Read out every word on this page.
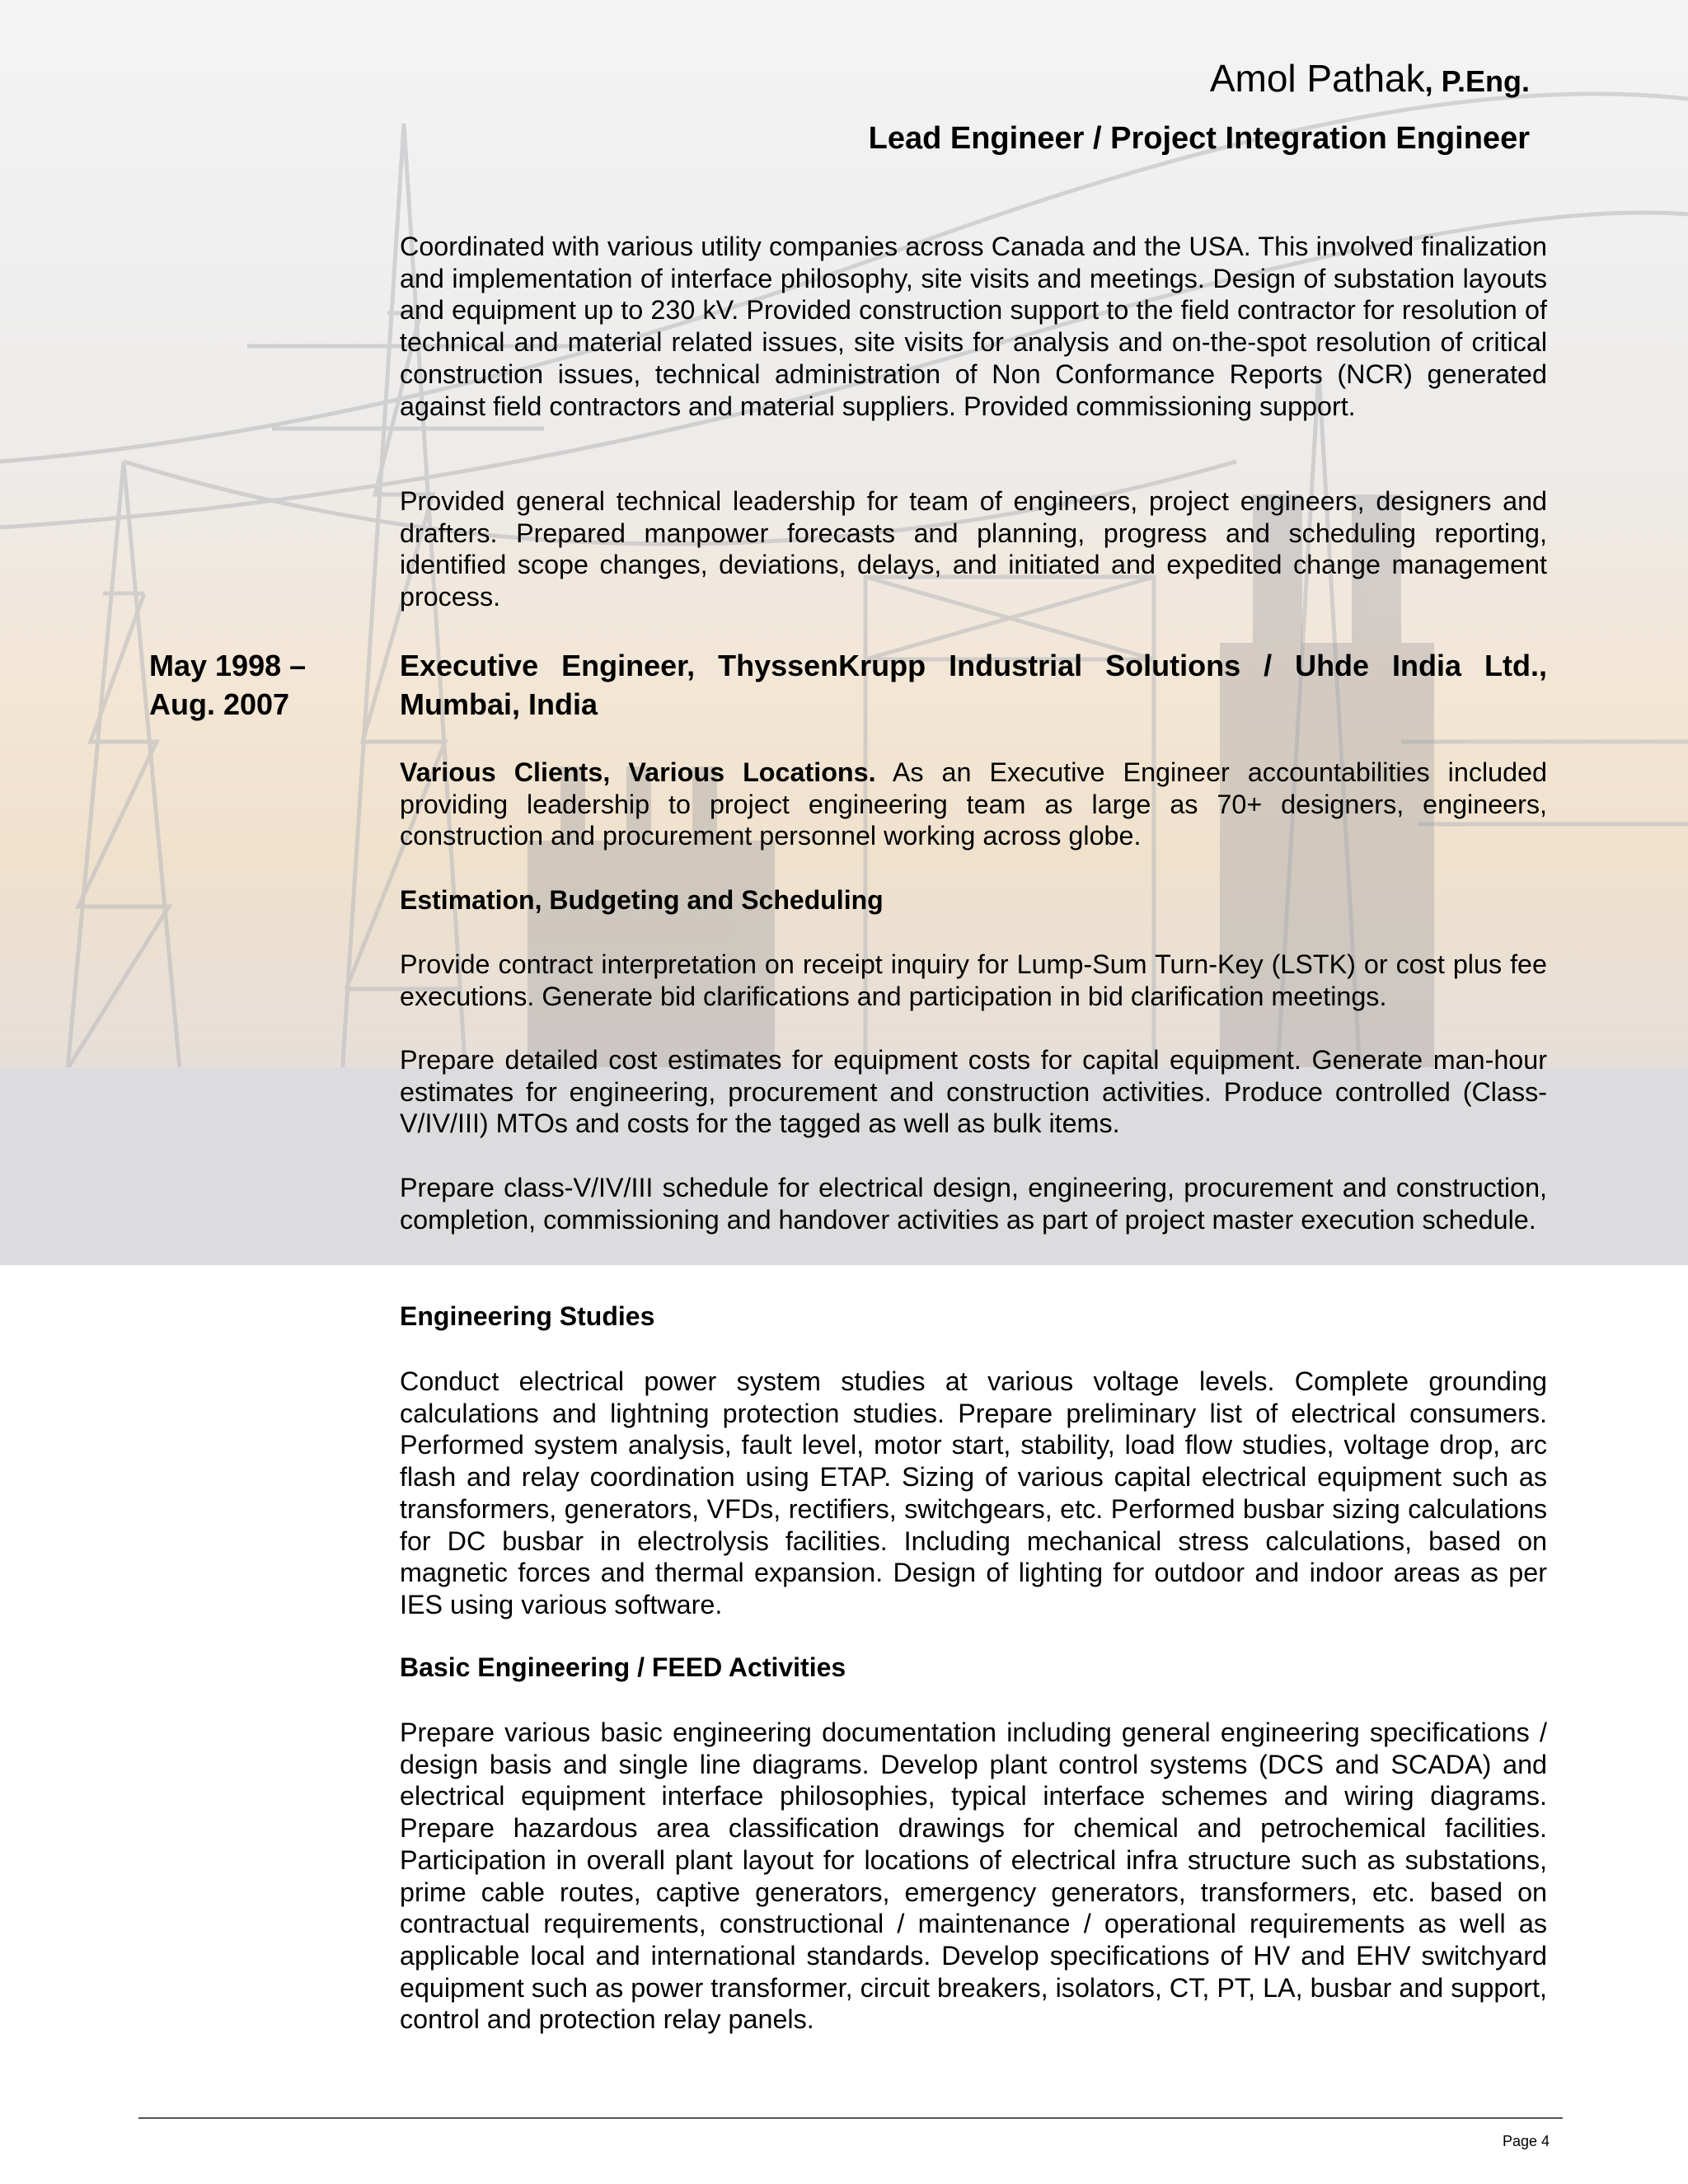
Amol Pathak, P.Eng.
Lead Engineer / Project Integration Engineer

Coordinated with various utility companies across Canada and the USA. This involved finalization and implementation of interface philosophy, site visits and meetings. Design of substation layouts and equipment up to 230 kV. Provided construction support to the field contractor for resolution of technical and material related issues, site visits for analysis and on-the-spot resolution of critical construction issues, technical administration of Non Conformance Reports (NCR) generated against field contractors and material suppliers. Provided commissioning support.

Provided general technical leadership for team of engineers, project engineers, designers and drafters. Prepared manpower forecasts and planning, progress and scheduling reporting, identified scope changes, deviations, delays, and initiated and expedited change management process.

May 1998 –
Aug. 2007
Executive Engineer, ThyssenKrupp Industrial Solutions / Uhde India Ltd.,
Mumbai, India

Various Clients, Various Locations. As an Executive Engineer accountabilities included providing leadership to project engineering team as large as 70+ designers, engineers, construction and procurement personnel working across globe.

Estimation, Budgeting and Scheduling

Provide contract interpretation on receipt inquiry for Lump-Sum Turn-Key (LSTK) or cost plus fee executions. Generate bid clarifications and participation in bid clarification meetings.

Prepare detailed cost estimates for equipment costs for capital equipment. Generate man-hour estimates for engineering, procurement and construction activities. Produce controlled (Class-V/IV/III) MTOs and costs for the tagged as well as bulk items.

Prepare class-V/IV/III schedule for electrical design, engineering, procurement and construction, completion, commissioning and handover activities as part of project master execution schedule.

Engineering Studies

Conduct electrical power system studies at various voltage levels. Complete grounding calculations and lightning protection studies. Prepare preliminary list of electrical consumers. Performed system analysis, fault level, motor start, stability, load flow studies, voltage drop, arc flash and relay coordination using ETAP. Sizing of various capital electrical equipment such as transformers, generators, VFDs, rectifiers, switchgears, etc. Performed busbar sizing calculations for DC busbar in electrolysis facilities. Including mechanical stress calculations, based on magnetic forces and thermal expansion. Design of lighting for outdoor and indoor areas as per IES using various software.

Basic Engineering / FEED Activities

Prepare various basic engineering documentation including general engineering specifications / design basis and single line diagrams. Develop plant control systems (DCS and SCADA) and electrical equipment interface philosophies, typical interface schemes and wiring diagrams. Prepare hazardous area classification drawings for chemical and petrochemical facilities. Participation in overall plant layout for locations of electrical infra structure such as substations, prime cable routes, captive generators, emergency generators, transformers, etc. based on contractual requirements, constructional / maintenance / operational requirements as well as applicable local and international standards. Develop specifications of HV and EHV switchyard equipment such as power transformer, circuit breakers, isolators, CT, PT, LA, busbar and support, control and protection relay panels.

Page 4
